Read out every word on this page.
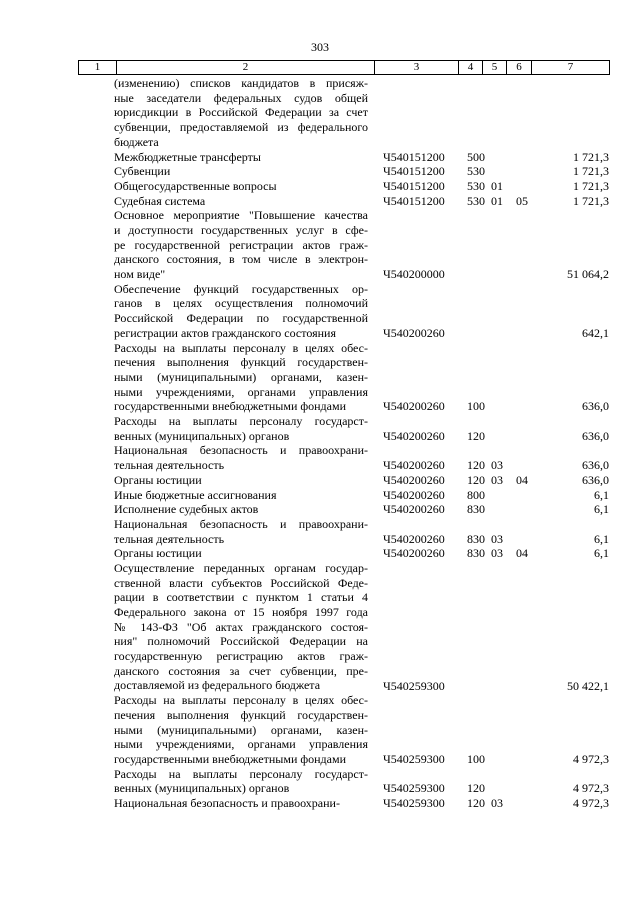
303
1	2	3	4	5	6	7
(изменению) списков кандидатов в присяж-
ные заседатели федеральных судов общей
юрисдикции в Российской Федерации за счет
субвенции, предоставляемой из федерального
бюджета
Межбюджетные трансферты	Ч540151200 500	1 721,3
Субвенции	Ч540151200 530	1 721,3
Общегосударственные вопросы	Ч540151200 530 01	1 721,3
Судебная система	Ч540151200 530 01 05	1 721,3
Основное мероприятие "Повышение качества
и доступности государственных услуг в сфе-
ре государственной регистрации актов граж-
данского состояния, в том числе в электрон-
ном виде"	Ч540200000	51 064,2
Обеспечение функций государственных ор-
ганов в целях осуществления полномочий
Российской Федерации по государственной
регистрации актов гражданского состояния	Ч540200260	642,1
Расходы на выплаты персоналу в целях обес-
печения выполнения функций государствен-
ными (муниципальными) органами, казен-
ными учреждениями, органами управления
государственными внебюджетными фондами	Ч540200260 100	636,0
Расходы на выплаты персоналу государст-
венных (муниципальных) органов	Ч540200260 120	636,0
Национальная безопасность и правоохрани-
тельная деятельность	Ч540200260 120 03	636,0
Органы юстиции	Ч540200260 120 03 04	636,0
Иные бюджетные ассигнования	Ч540200260 800	6,1
Исполнение судебных актов	Ч540200260 830	6,1
Национальная безопасность и правоохрани-
тельная деятельность	Ч540200260 830 03	6,1
Органы юстиции	Ч540200260 830 03 04	6,1
Осуществление переданных органам государ-
ственной власти субъектов Российской Феде-
рации в соответствии с пунктом 1 статьи 4
Федерального закона от 15 ноября 1997 года
№ 143-ФЗ "Об актах гражданского состоя-
ния" полномочий Российской Федерации на
государственную регистрацию актов граж-
данского состояния за счет субвенции, пре-
доставляемой из федерального бюджета	Ч540259300	50 422,1
Расходы на выплаты персоналу в целях обес-
печения выполнения функций государствен-
ными (муниципальными) органами, казен-
ными учреждениями, органами управления
государственными внебюджетными фондами	Ч540259300 100	4 972,3
Расходы на выплаты персоналу государст-
венных (муниципальных) органов	Ч540259300 120	4 972,3
Национальная безопасность и правоохрани-	Ч540259300 120 03	4 972,3
